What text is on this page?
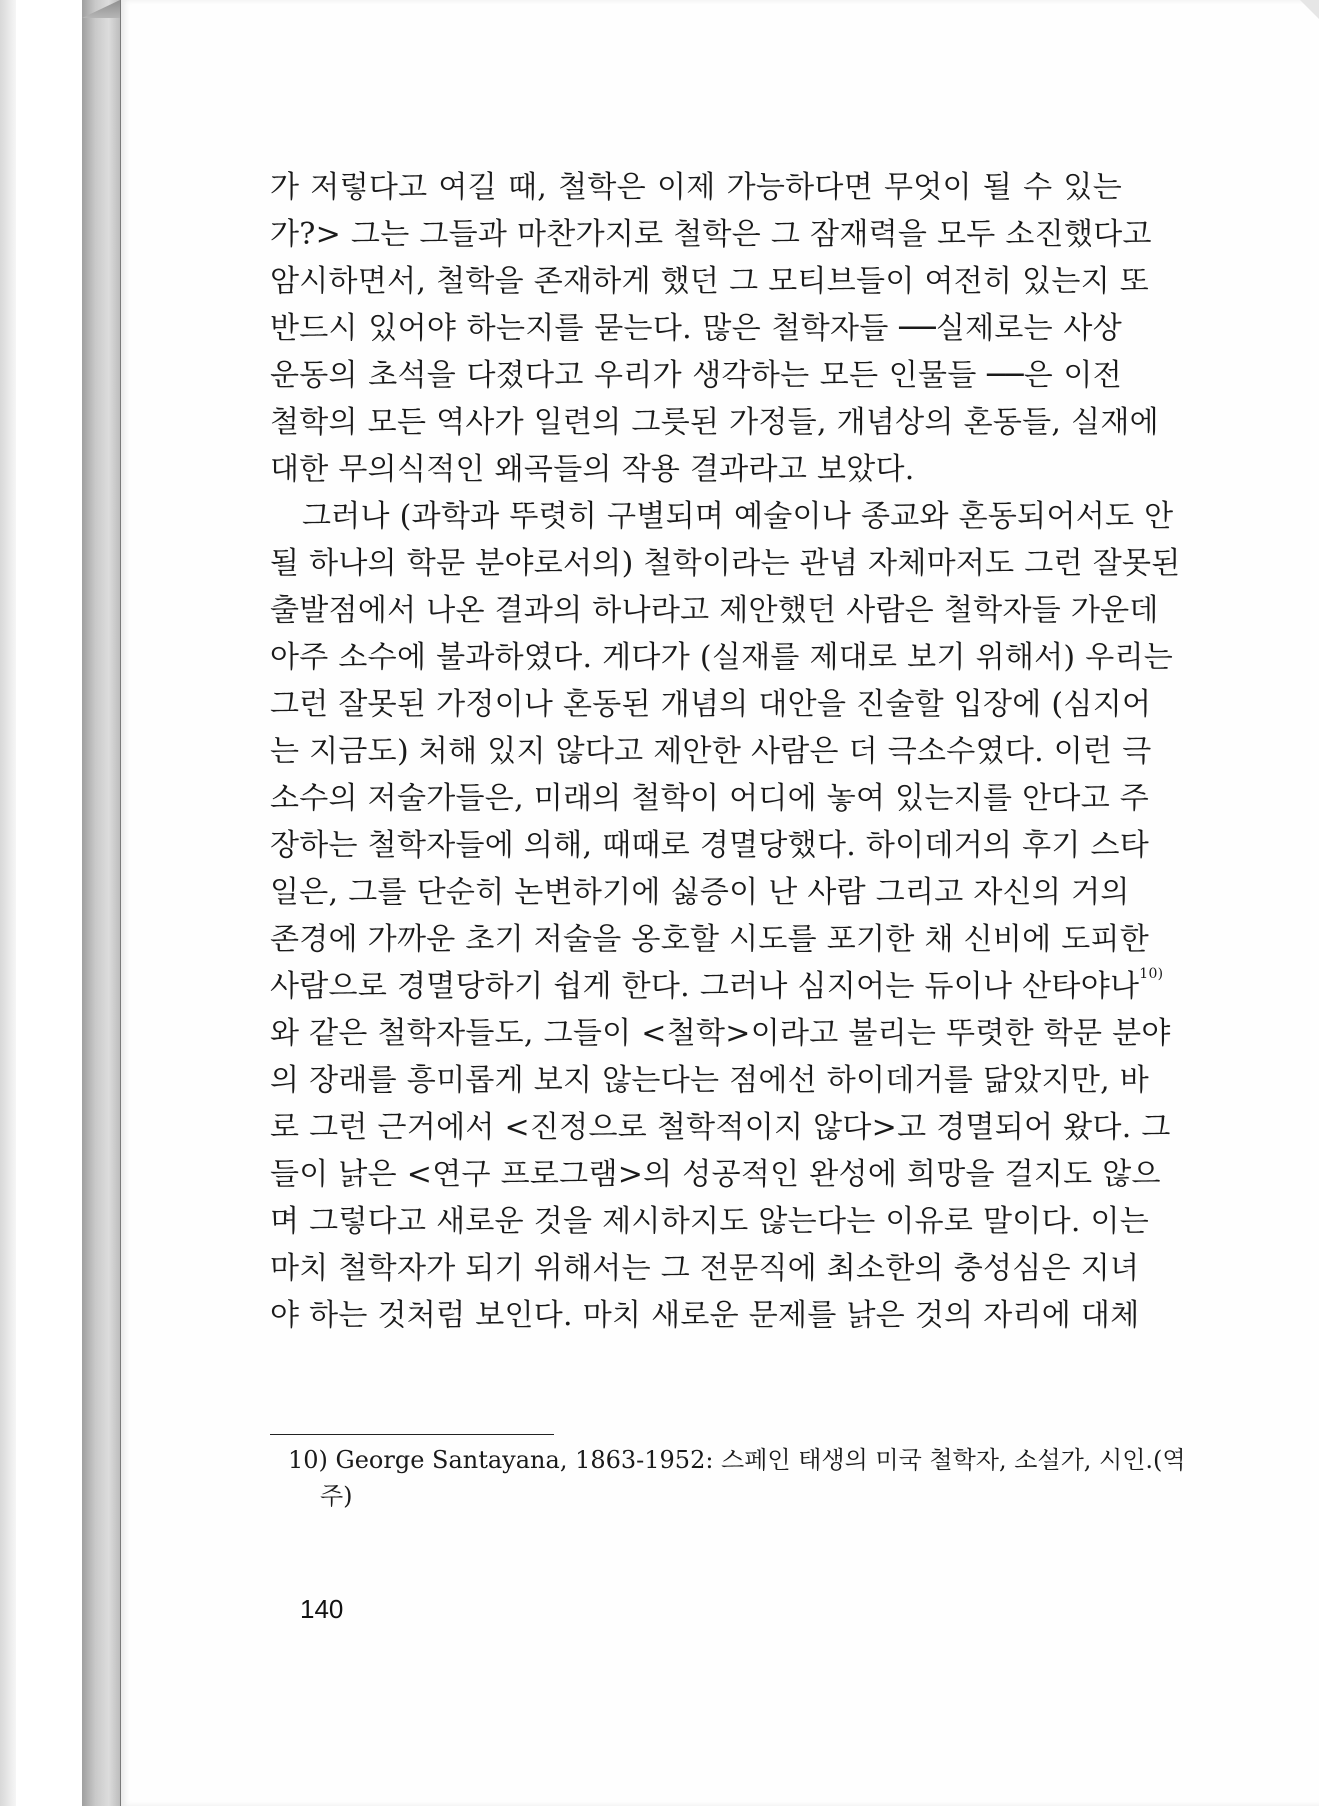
가 저렇다고 여길 때, 철학은 이제 가능하다면 무엇이 될 수 있는
가?> 그는 그들과 마찬가지로 철학은 그 잠재력을 모두 소진했다고
암시하면서, 철학을 존재하게 했던 그 모티브들이 여전히 있는지 또
반드시 있어야 하는지를 묻는다. 많은 철학자들 ──실제로는 사상
운동의 초석을 다졌다고 우리가 생각하는 모든 인물들 ──은 이전
철학의 모든 역사가 일련의 그릇된 가정들, 개념상의 혼동들, 실재에
대한 무의식적인 왜곡들의 작용 결과라고 보았다.
그러나 (과학과 뚜렷히 구별되며 예술이나 종교와 혼동되어서도 안
될 하나의 학문 분야로서의) 철학이라는 관념 자체마저도 그런 잘못된
출발점에서 나온 결과의 하나라고 제안했던 사람은 철학자들 가운데
아주 소수에 불과하였다. 게다가 (실재를 제대로 보기 위해서) 우리는
그런 잘못된 가정이나 혼동된 개념의 대안을 진술할 입장에 (심지어
는 지금도) 처해 있지 않다고 제안한 사람은 더 극소수였다. 이런 극
소수의 저술가들은, 미래의 철학이 어디에 놓여 있는지를 안다고 주
장하는 철학자들에 의해, 때때로 경멸당했다. 하이데거의 후기 스타
일은, 그를 단순히 논변하기에 싫증이 난 사람 그리고 자신의 거의
존경에 가까운 초기 저술을 옹호할 시도를 포기한 채 신비에 도피한
사람으로 경멸당하기 쉽게 한다. 그러나 심지어는 듀이나 산타야나$^{10)}$
와 같은 철학자들도, 그들이 <철학>이라고 불리는 뚜렷한 학문 분야
의 장래를 흥미롭게 보지 않는다는 점에선 하이데거를 닮았지만, 바
로 그런 근거에서 <진정으로 철학적이지 않다>고 경멸되어 왔다. 그
들이 낡은 <연구 프로그램>의 성공적인 완성에 희망을 걸지도 않으
며 그렇다고 새로운 것을 제시하지도 않는다는 이유로 말이다. 이는
마치 철학자가 되기 위해서는 그 전문직에 최소한의 충성심은 지녀
야 하는 것처럼 보인다. 마치 새로운 문제를 낡은 것의 자리에 대체
10) George Santayana, 1863-1952: 스페인 태생의 미국 철학자, 소설가, 시인.(역
주)
140
